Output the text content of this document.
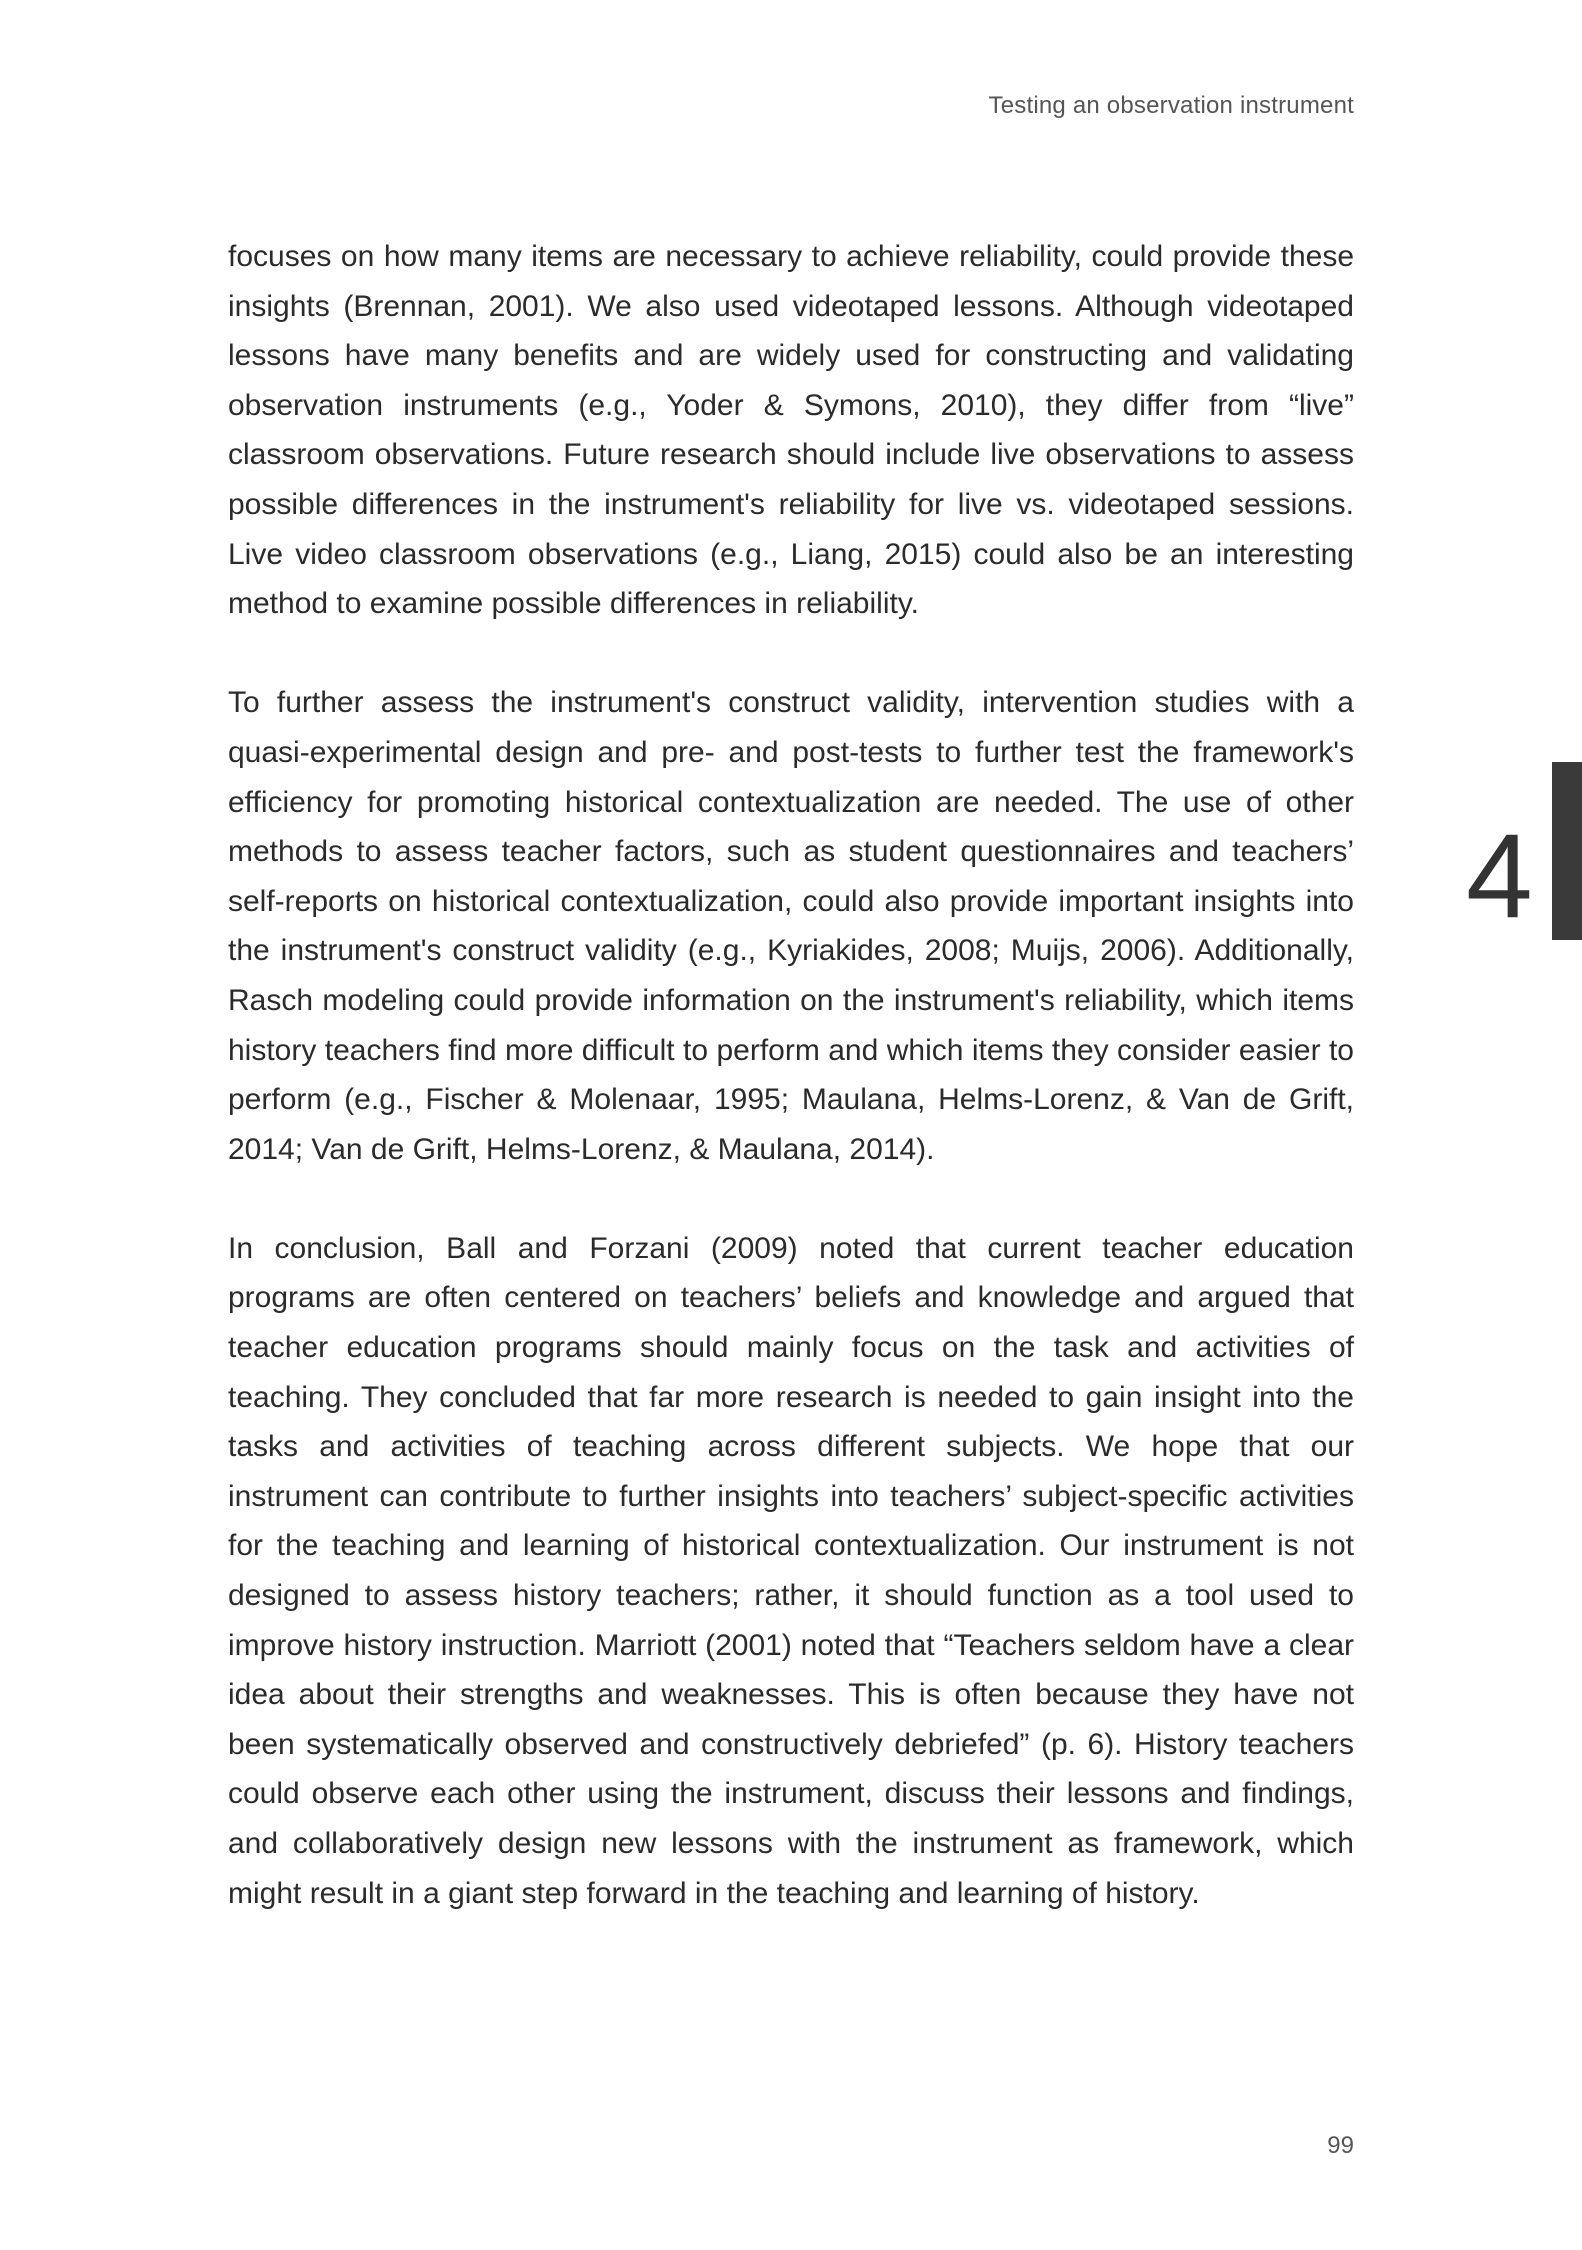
Testing an observation instrument

focuses on how many items are necessary to achieve reliability, could provide these insights (Brennan, 2001). We also used videotaped lessons. Although videotaped lessons have many benefits and are widely used for constructing and validating observation instruments (e.g., Yoder & Symons, 2010), they differ from “live” classroom observations. Future research should include live observations to assess possible differences in the instrument's reliability for live vs. videotaped sessions. Live video classroom observations (e.g., Liang, 2015) could also be an interesting method to examine possible differences in reliability.

To further assess the instrument's construct validity, intervention studies with a quasi-experimental design and pre- and post-tests to further test the framework's efficiency for promoting historical contextualization are needed. The use of other methods to assess teacher factors, such as student questionnaires and teachers’ self-reports on historical contextualization, could also provide important insights into the instrument's construct validity (e.g., Kyriakides, 2008; Muijs, 2006). Additionally, Rasch modeling could provide information on the instrument's reliability, which items history teachers find more difficult to perform and which items they consider easier to perform (e.g., Fischer & Molenaar, 1995; Maulana, Helms-Lorenz, & Van de Grift, 2014; Van de Grift, Helms-Lorenz, & Maulana, 2014).

In conclusion, Ball and Forzani (2009) noted that current teacher education programs are often centered on teachers’ beliefs and knowledge and argued that teacher education programs should mainly focus on the task and activities of teaching. They concluded that far more research is needed to gain insight into the tasks and activities of teaching across different subjects. We hope that our instrument can contribute to further insights into teachers’ subject-specific activities for the teaching and learning of historical contextualization. Our instrument is not designed to assess history teachers; rather, it should function as a tool used to improve history instruction. Marriott (2001) noted that “Teachers seldom have a clear idea about their strengths and weaknesses. This is often because they have not been systematically observed and constructively debriefed” (p. 6). History teachers could observe each other using the instrument, discuss their lessons and findings, and collaboratively design new lessons with the instrument as framework, which might result in a giant step forward in the teaching and learning of history.

4
99
